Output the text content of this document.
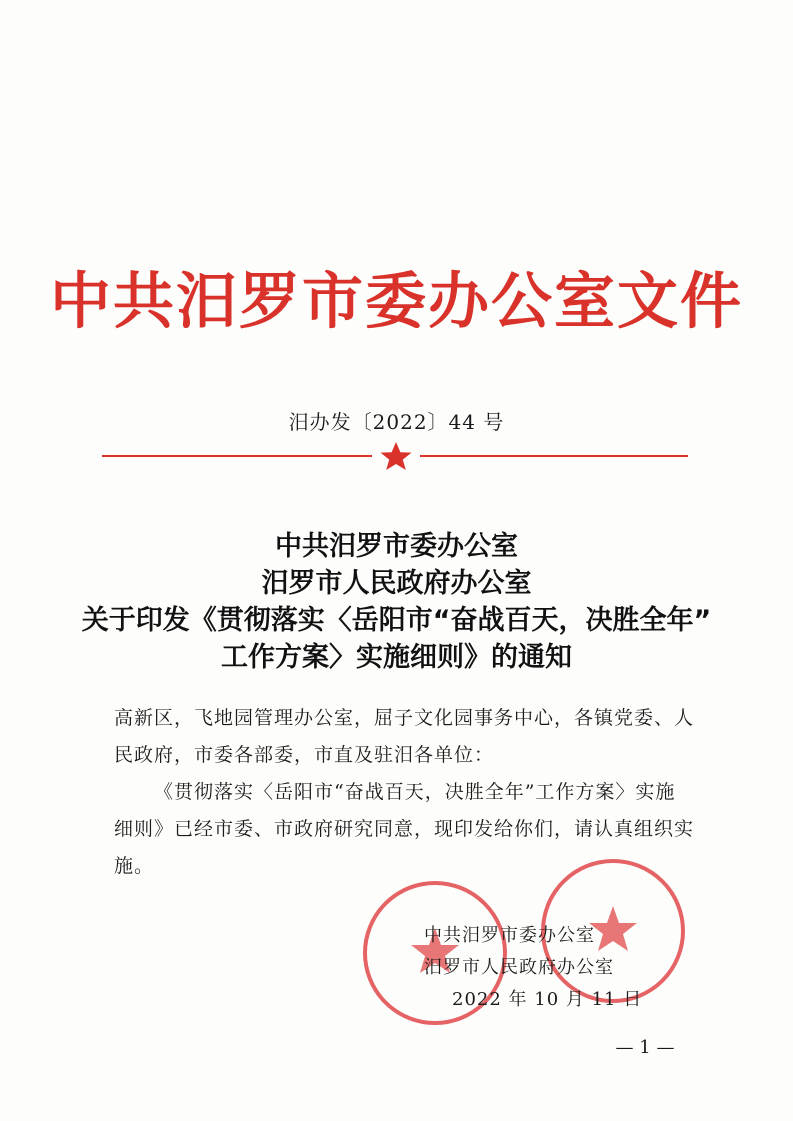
中共汨罗市委办公室文件
汨办发〔2022〕44 号
中共汨罗市委办公室
汨罗市人民政府办公室
关于印发《贯彻落实〈岳阳市“奋战百天，决胜全年”
工作方案〉实施细则》的通知
高新区，飞地园管理办公室，屈子文化园事务中心，各镇党委、人民政府，市委各部委，市直及驻汨各单位：
《贯彻落实〈岳阳市“奋战百天，决胜全年”工作方案〉实施细则》已经市委、市政府研究同意，现印发给你们，请认真组织实施。
中共汨罗市委办公室
汨罗市人民政府办公室
2022 年 10 月 11 日
— 1 —
